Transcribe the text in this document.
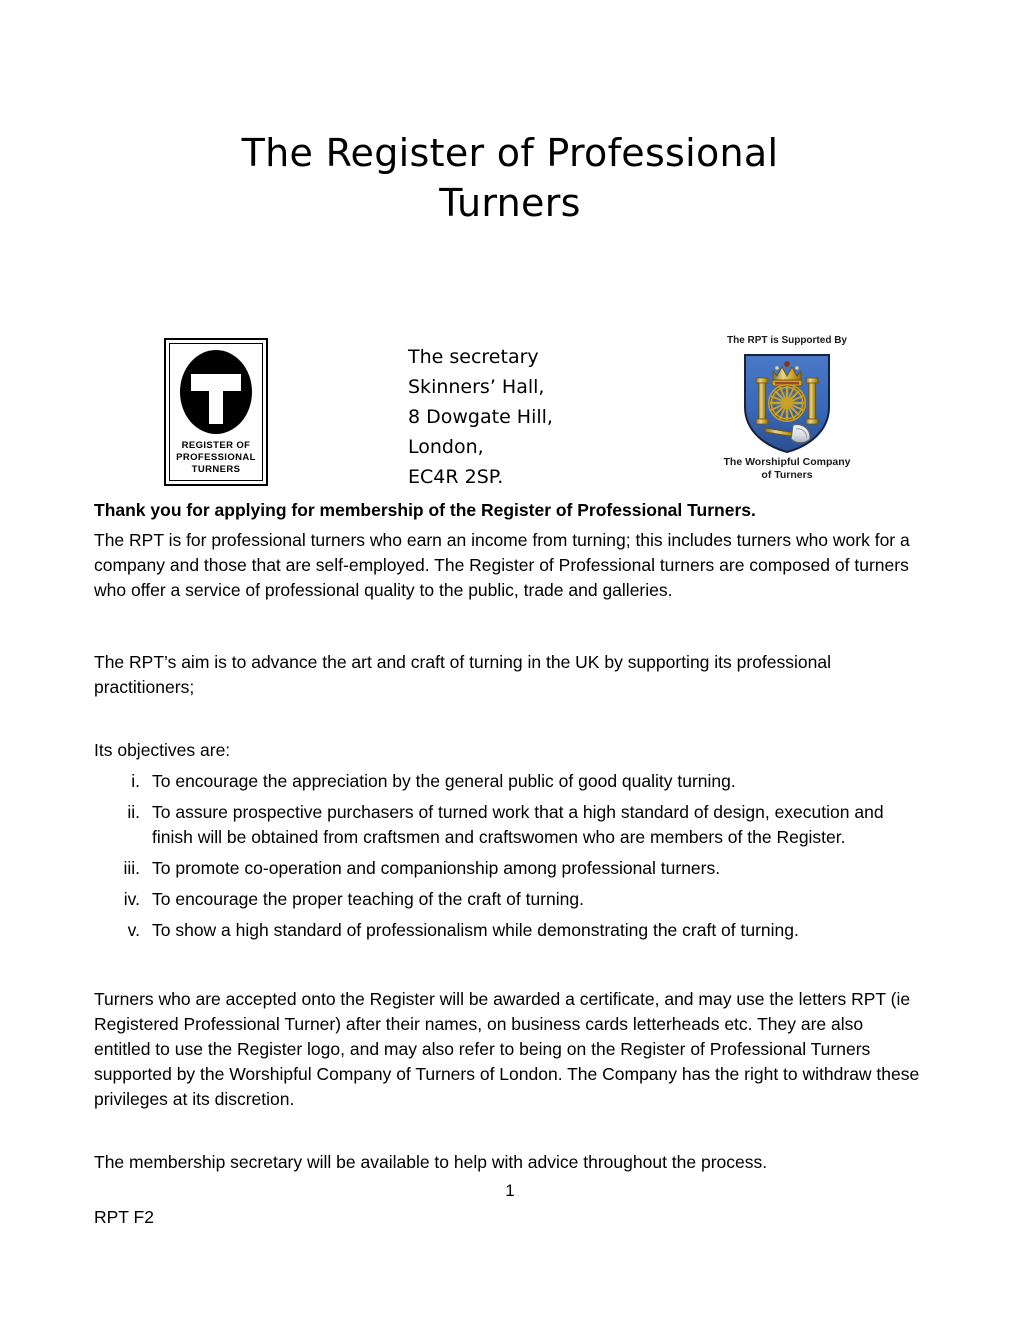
The Register of Professional
Turners
REGISTER OF
PROFESSIONAL
TURNERS
The secretary
Skinners’ Hall,
8 Dowgate Hill,
London,
EC4R 2SP.
The RPT is Supported By
The Worshipful Company
of Turners
Thank you for applying for membership of the Register of Professional Turners.

The RPT is for professional turners who earn an income from turning; this includes turners who work for a company and those that are self-employed. The Register of Professional turners are composed of turners who offer a service of professional quality to the public, trade and galleries.

The RPT’s aim is to advance the art and craft of turning in the UK by supporting its professional practitioners;

Its objectives are:

i. To encourage the appreciation by the general public of good quality turning.
ii. To assure prospective purchasers of turned work that a high standard of design, execution and finish will be obtained from craftsmen and craftswomen who are members of the Register.
iii. To promote co-operation and companionship among professional turners.
iv. To encourage the proper teaching of the craft of turning.
v. To show a high standard of professionalism while demonstrating the craft of turning.

Turners who are accepted onto the Register will be awarded a certificate, and may use the letters RPT (ie Registered Professional Turner) after their names, on business cards letterheads etc. They are also entitled to use the Register logo, and may also refer to being on the Register of Professional Turners supported by the Worshipful Company of Turners of London. The Company has the right to withdraw these privileges at its discretion.

The membership secretary will be available to help with advice throughout the process.

1
RPT F2
